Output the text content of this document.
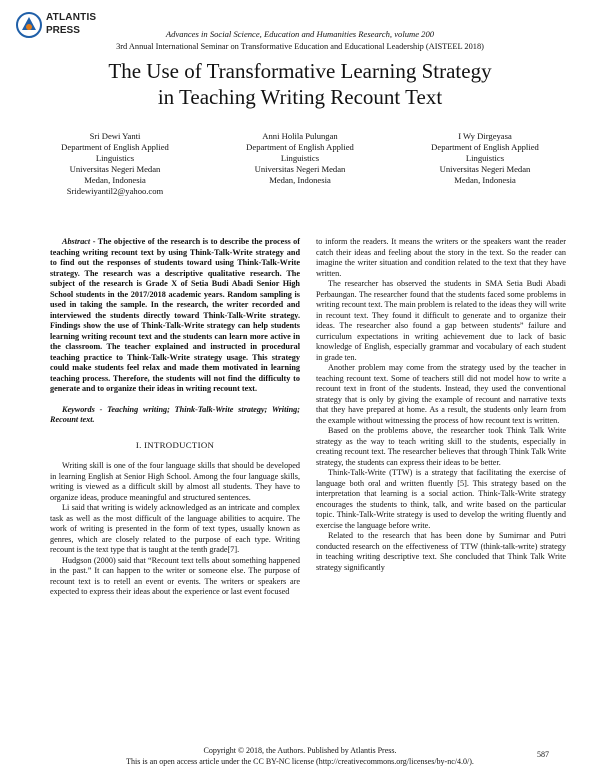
ATLANTIS
PRESS	Advances in Social Science, Education and Humanities Research, volume 200
3rd Annual International Seminar on Transformative Education and Educational Leadership (AISTEEL 2018)
The Use of Transformative Learning Strategy
in Teaching Writing Recount Text
Sri Dewi Yanti
Department of English Applied
Linguistics
Universitas Negeri Medan
Medan, Indonesia
Sridewiyantil2@yahoo.com
Anni Holila Pulungan
Department of English Applied
Linguistics
Universitas Negeri Medan
Medan, Indonesia
I Wy Dirgeyasa
Department of English Applied
Linguistics
Universitas Negeri Medan
Medan, Indonesia

Abstract - The objective of the research is to describe the process of teaching writing recount text by using Think-Talk-Write strategy and to find out the responses of students toward using Think-Talk-Write strategy. The research was a descriptive qualitative research. The subject of the research is Grade X of Setia Budi Abadi Senior High School students in the 2017/2018 academic years. Random sampling is used in taking the sample. In the research, the writer recorded and interviewed the students directly toward Think-Talk-Write strategy. Findings show the use of Think-Talk-Write strategy can help students learning writing recount text and the students can learn more active in the classroom. The teacher explained and instructed in procedural teaching practice to Think-Talk-Write strategy usage. This strategy could make students feel relax and made them motivated in learning teaching process. Therefore, the students will not find the difficulty to generate and to organize their ideas in writing recount text.

Keywords - Teaching writing; Think-Talk-Write strategy; Writing; Recount text.

I. INTRODUCTION

Writing skill is one of the four language skills that should be developed in learning English at Senior High School. Among the four language skills, writing is viewed as a difficult skill by almost all students. They have to organize ideas, produce meaningful and structured sentences.

Li said that writing is widely acknowledged as an intricate and complex task as well as the most difficult of the language abilities to acquire. The work of writing is presented in the form of text types, usually known as genres, which are closely related to the purpose of each type. Writing recount is the text type that is taught at the tenth grade[7].

Hudgson (2000) said that “Recount text tells about something happened in the past.” It can happen to the writer or someone else. The purpose of recount text is to retell an event or events. The writers or speakers are expected to express their ideas about the experience or last event focused

to inform the readers. It means the writers or the speakers want the reader catch their ideas and feeling about the story in the text. So the reader can imagine the writer situation and condition related to the text that they have written.

The researcher has observed the students in SMA Setia Budi Abadi Perbaungan. The researcher found that the students faced some problems in writing recount text. The main problem is related to the ideas they will write in recount text. They found it difficult to generate and to organize their ideas. The researcher also found a gap between students” failure and curriculum expectations in writing achievement due to lack of basic knowledge of English, especially grammar and vocabulary of each student in grade ten.

Another problem may come from the strategy used by the teacher in teaching recount text. Some of teachers still did not model how to write a recount text in front of the students. Instead, they used the conventional strategy that is only by giving the example of recount and narrative texts that they have prepared at home. As a result, the students only learn from the example without witnessing the process of how recount text is written.

Based on the problems above, the researcher took Think Talk Write strategy as the way to teach writing skill to the students, especially in creating recount text. The researcher believes that through Think Talk Write strategy, the students can express their ideas to be better.

Think-Talk-Write (TTW) is a strategy that facilitating the exercise of language both oral and written fluently [5]. This strategy based on the interpretation that learning is a social action. Think-Talk-Write strategy encourages the students to think, talk, and write based on the particular topic. Think-Talk-Write strategy is used to develop the writing fluently and exercise the language before write.

Related to the research that has been done by Sumirnar and Putri conducted research on the effectiveness of TTW (think-talk-write) strategy in teaching writing descriptive text. She concluded that Think Talk Write strategy significantly

Copyright © 2018, the Authors. Published by Atlantis Press.
This is an open access article under the CC BY-NC license (http://creativecommons.org/licenses/by-nc/4.0/).
587
